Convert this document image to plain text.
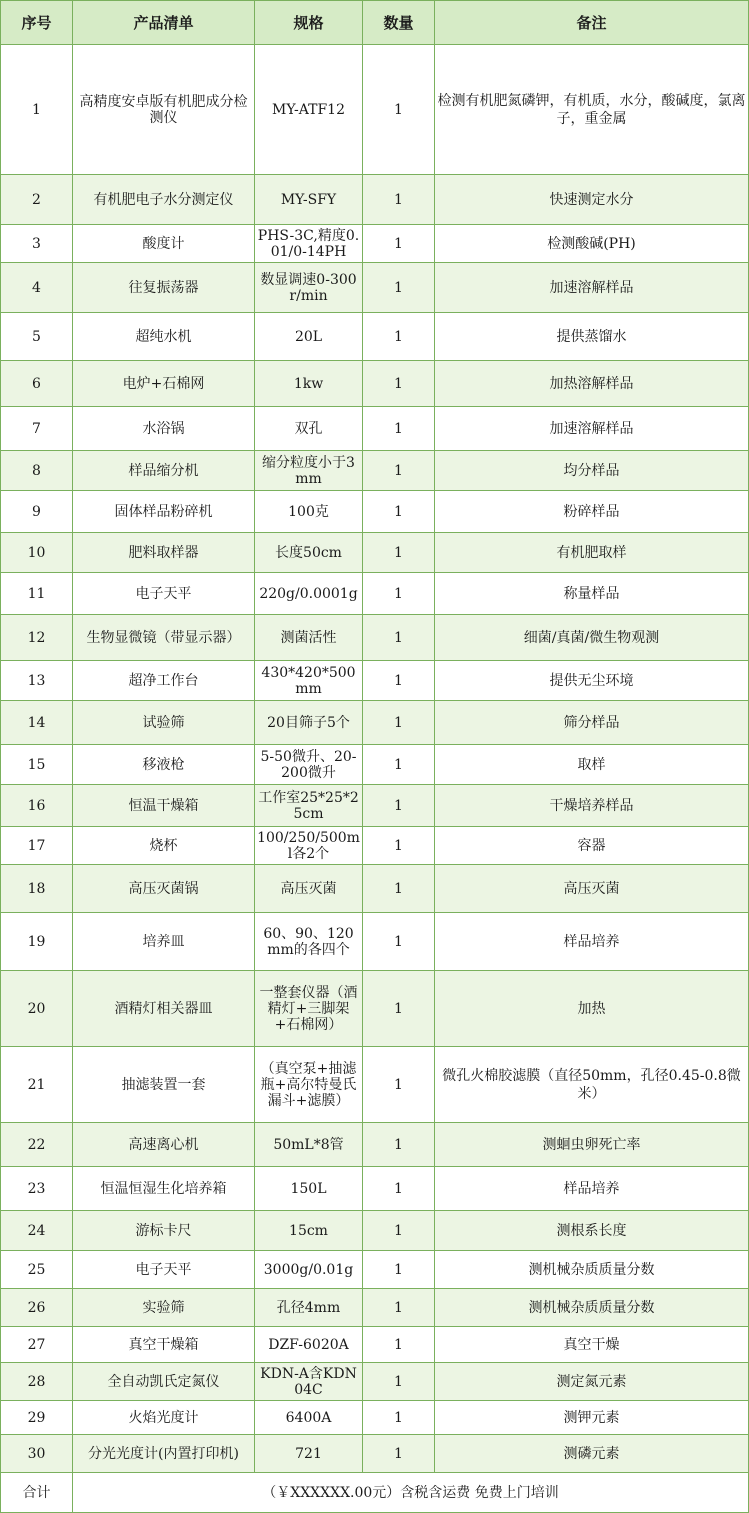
序号	产品清单	规格	数量	备注
1	高精度安卓版有机肥成分检测仪	MY-ATF12	1	检测有机肥氮磷钾，有机质，水分，酸碱度，氯离子，重金属
2	有机肥电子水分测定仪	MY-SFY	1	快速测定水分
3	酸度计	PHS-3C,精度0.01/0-14PH	1	检测酸碱(PH)
4	往复振荡器	数显调速0-300r/min	1	加速溶解样品
5	超纯水机	20L	1	提供蒸馏水
6	电炉+石棉网	1kw	1	加热溶解样品
7	水浴锅	双孔	1	加速溶解样品
8	样品缩分机	缩分粒度小于3mm	1	均分样品
9	固体样品粉碎机	100克	1	粉碎样品
10	肥料取样器	长度50cm	1	有机肥取样
11	电子天平	220g/0.0001g	1	称量样品
12	生物显微镜（带显示器）	测菌活性	1	细菌/真菌/微生物观测
13	超净工作台	430*420*500mm	1	提供无尘环境
14	试验筛	20目筛子5个	1	筛分样品
15	移液枪	5-50微升、20-200微升	1	取样
16	恒温干燥箱	工作室25*25*25cm	1	干燥培养样品
17	烧杯	100/250/500ml各2个	1	容器
18	高压灭菌锅	高压灭菌	1	高压灭菌
19	培养皿	60、90、120mm的各四个	1	样品培养
20	酒精灯相关器皿	一整套仪器（酒精灯+三脚架+石棉网）	1	加热
21	抽滤装置一套	（真空泵+抽滤瓶+高尔特曼氏漏斗+滤膜）	1	微孔火棉胶滤膜（直径50mm，孔径0.45-0.8微米）
22	高速离心机	50mL*8管	1	测蛔虫卵死亡率
23	恒温恒湿生化培养箱	150L	1	样品培养
24	游标卡尺	15cm	1	测根系长度
25	电子天平	3000g/0.01g	1	测机械杂质质量分数
26	实验筛	孔径4mm	1	测机械杂质质量分数
27	真空干燥箱	DZF-6020A	1	真空干燥
28	全自动凯氏定氮仪	KDN-A含KDN04C	1	测定氮元素
29	火焰光度计	6400A	1	测钾元素
30	分光光度计(内置打印机)	721	1	测磷元素
合计	（￥XXXXXX.00元）含税含运费 免费上门培训			
